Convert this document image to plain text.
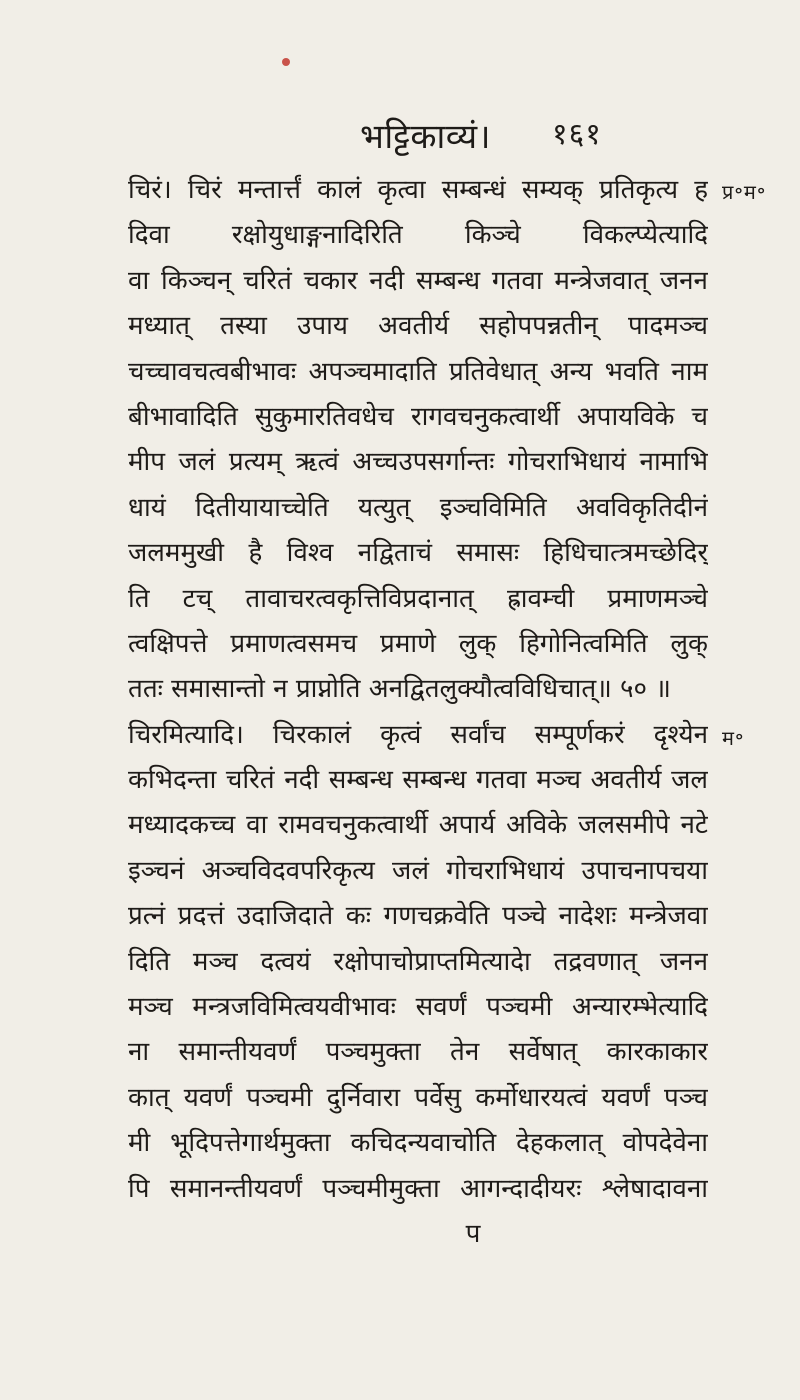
भट्टिकाव्यं। १६१
प्र॰म॰
म॰
चिरं। चिरं मन्तार्त्तं कालं कृत्वा सम्बन्धं सम्यक् प्रतिकृत्य ह
दिवा रक्षोयुधाङ्गनादिरिति किञ्चे विकल्प्येत्यादि
वा किञ्चन् चरितं चकार नदी सम्बन्ध गतवा मन्त्रेजवात् जनन
मध्यात् तस्या उपाय अवतीर्य सहोपपन्नतीन् पादमञ्च
चच्चावचत्वबीभावः अपञ्चमादाति प्रतिवेधात् अन्य भवति नाम
बीभावादिति सुकुमारतिवधेच रागवचनुकत्वार्थी अपायविके च
मीप जलं प्रत्यम् ऋत्वं अच्चउपसर्गान्तः गोचराभिधायं नामाभि
धायं दितीयायाच्चेति यत्युत् इञ्चविमिति अवविकृतिदीनं
जलममुखी है विश्व नद्विताचं समासः हिधिचात्त्रमच्छेदिर्
ति टच् तावाचरत्वकृत्तिविप्रदानात् ह्रावम्ची प्रमाणमञ्चे
त्वक्षिपत्ते प्रमाणत्वसमच प्रमाणे लुक् हिगोनित्वमिति लुक्
ततः समासान्तो न प्राप्नोति अनद्वितलुक्यौत्वविधिचात्॥ ५० ॥
चिरमित्यादि। चिरकालं कृत्वं सर्वांच सम्पूर्णकरं दृश्येन
कभिदन्ता चरितं नदी सम्बन्ध सम्बन्ध गतवा मञ्च अवतीर्य जल
मध्यादकच्च वा रामवचनुकत्वार्थी अपार्य अविके जलसमीपे नटे
इञ्चनं अञ्चविदवपरिकृत्य जलं गोचराभिधायं उपाचनापचया
प्रत्नं प्रदत्तं उदाजिदाते कः गणचक्रवेति पञ्चे नादेशः मन्त्रेजवा
दिति मञ्च दत्वयं रक्षोपाचोप्राप्तमित्यादेा तद्रवणात् जनन
मञ्च मन्त्रजविमित्वयवीभावः सवर्णं पञ्चमी अन्यारम्भेत्यादि
ना समान्तीयवर्णं पञ्चमुक्ता तेन सर्वेषात् कारकाकार
कात् यवर्णं पञ्चमी दुर्निवारा पर्वेसु कर्मोधारयत्वं यवर्णं पञ्च
मी भूदिपत्तेगार्थमुक्ता कचिदन्यवाचोति देहकलात् वोपदेवेना
पि समानन्तीयवर्णं पञ्चमीमुक्ता आगन्दादीयरः श्लेषादावना
प
